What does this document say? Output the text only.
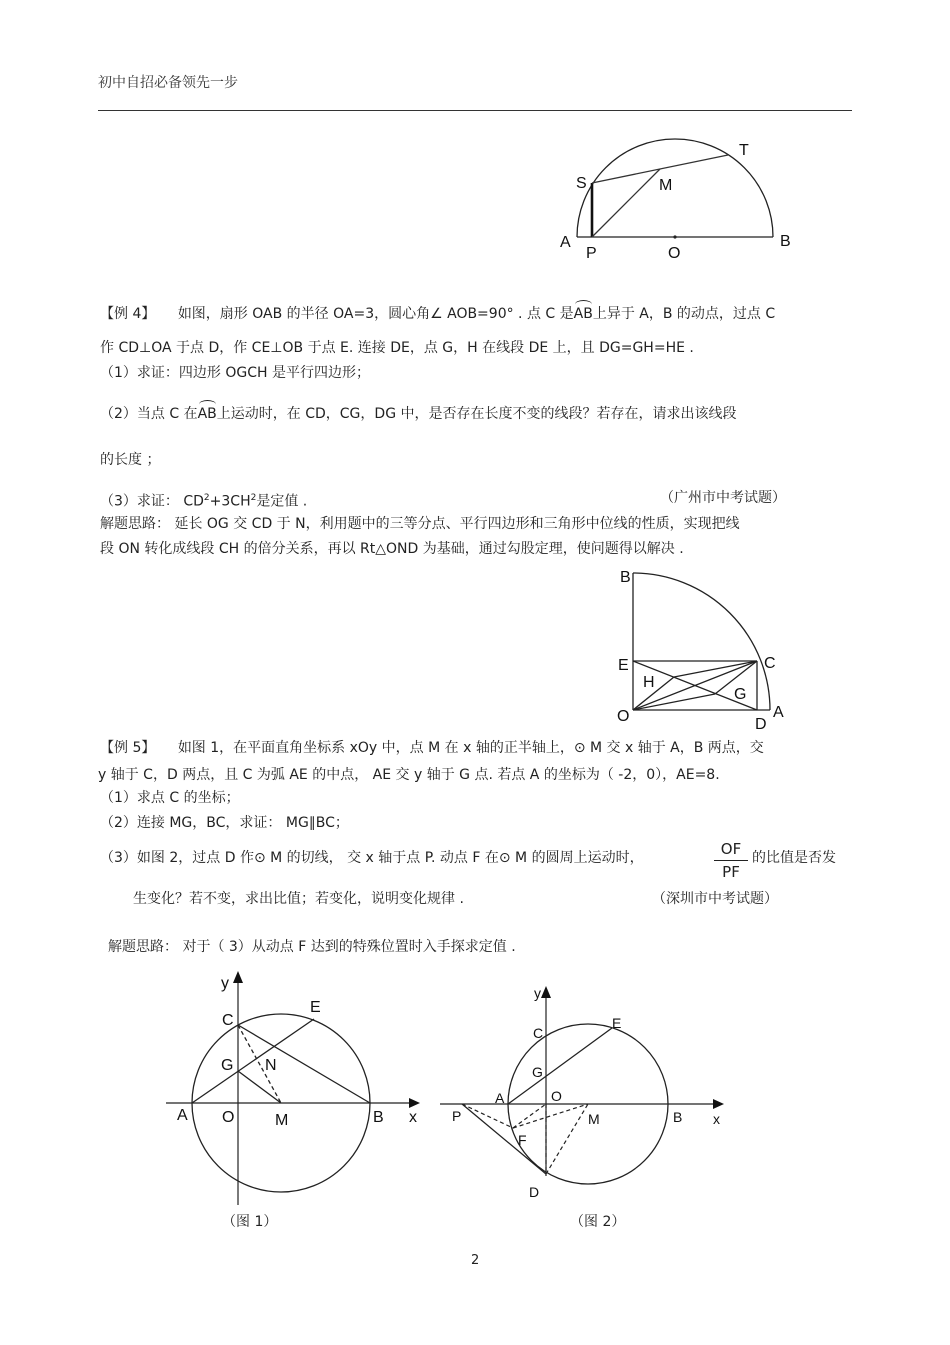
初中自招必备领先一步
T
S	M
A
P	O
B
【例 4】 如图，扇形 OAB 的半径 OA=3，圆心角∠ AOB=90° . 点 C 是AB上异于 A，B 的动点，过点 C
作 CD⊥OA 于点 D，作 CE⊥OB 于点 E. 连接 DE，点 G，H 在线段 DE 上，且 DG=GH=HE .
（1）求证：四边形 OGCH 是平行四边形；
（2）当点 C 在AB上运动时，在 CD，CG，DG 中，是否存在长度不变的线段？若存在，请求出该线段
的长度 ；
（3）求证： $CD^2+3CH^2$是定值 .	（广州市中考试题）
解题思路： 延长 OG 交 CD 于 N，利用题中的三等分点、平行四边形和三角形中位线的性质，实现把线
段 ON 转化成线段 CH 的倍分关系，再以 Rt△OND 为基础，通过勾股定理，使问题得以解决 .
B
E	C
H
G
O	D
A
【例 5】 如图 1，在平面直角坐标系 xOy 中，点 M 在 x 轴的正半轴上，⊙ M 交 x 轴于 A，B 两点，交
y 轴于 C，D 两点，且 C 为弧 AE 的中点， AE 交 y 轴于 G 点. 若点 A 的坐标为（ -2，0），AE=8.
（1）求点 C 的坐标；
（2）连接 MG，BC，求证： MG∥BC；
（3）如图 2，过点 D 作⊙ M 的切线， 交 x 轴于点 P. 动点 F 在⊙ M 的圆周上运动时，	OF
PF
的比值是否发
生变化？若不变，求出比值；若变化，说明变化规律 .	（深圳市中考试题）
解题思路： 对于（ 3）从动点 F 达到的特殊位置时入手探求定值 .
y
x
C
E
G N
A O	M	B
（图 1）
y
x
C
E
G
A	O
P	M	B
F
D
（图 2）
2
